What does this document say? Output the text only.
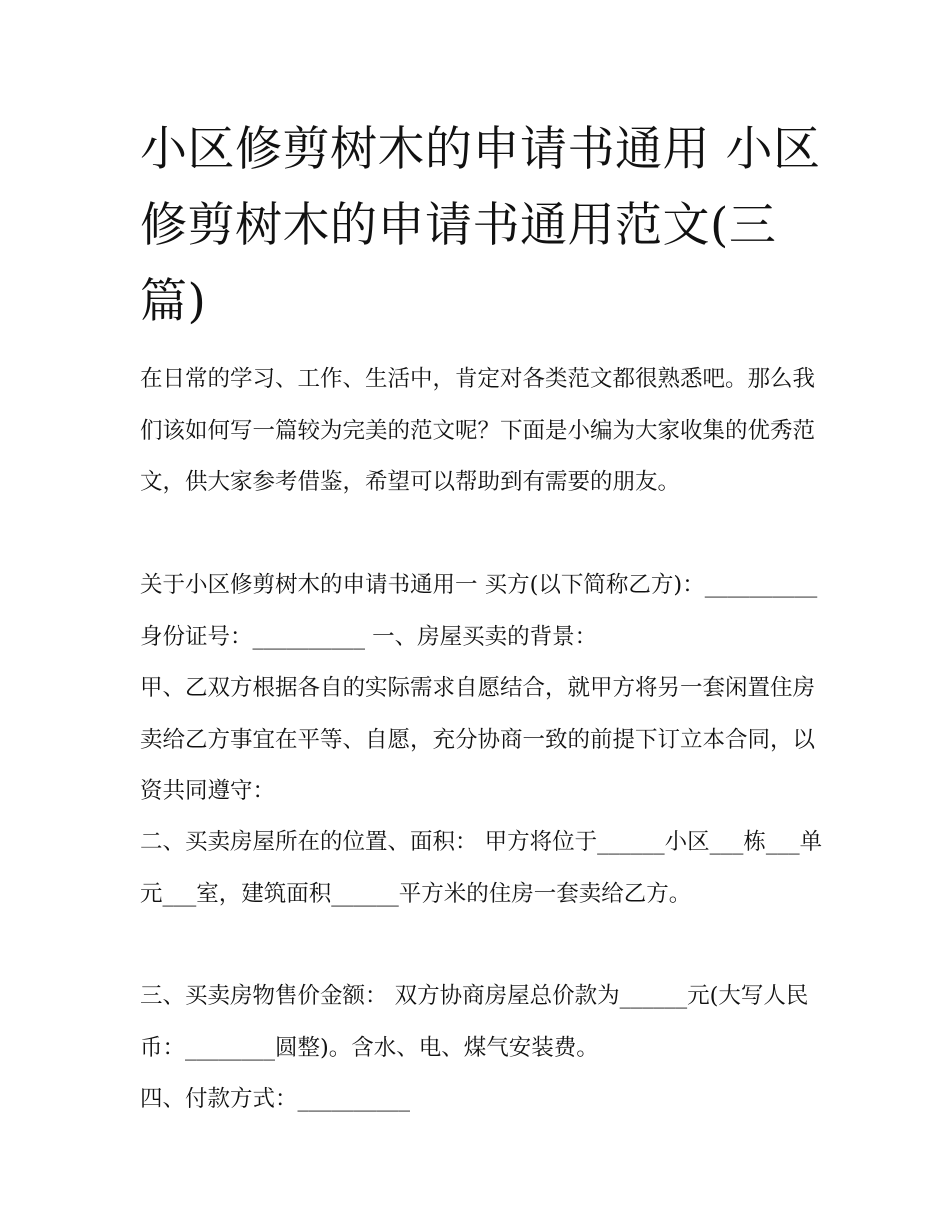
小区修剪树木的申请书通用 小区修剪树木的申请书通用范文(三篇)

在日常的学习、工作、生活中，肯定对各类范文都很熟悉吧。那么我们该如何写一篇较为完美的范文呢？下面是小编为大家收集的优秀范文，供大家参考借鉴，希望可以帮助到有需要的朋友。

关于小区修剪树木的申请书通用一 买方(以下简称乙方)：__________ 身份证号：__________ 一、房屋买卖的背景：

甲、乙双方根据各自的实际需求自愿结合，就甲方将另一套闲置住房卖给乙方事宜在平等、自愿，充分协商一致的前提下订立本合同，以资共同遵守：

二、买卖房屋所在的位置、面积： 甲方将位于______小区___栋___单元___室，建筑面积______平方米的住房一套卖给乙方。

三、买卖房物售价金额： 双方协商房屋总价款为______元(大写人民币：________圆整)。含水、电、煤气安装费。

四、付款方式：__________
